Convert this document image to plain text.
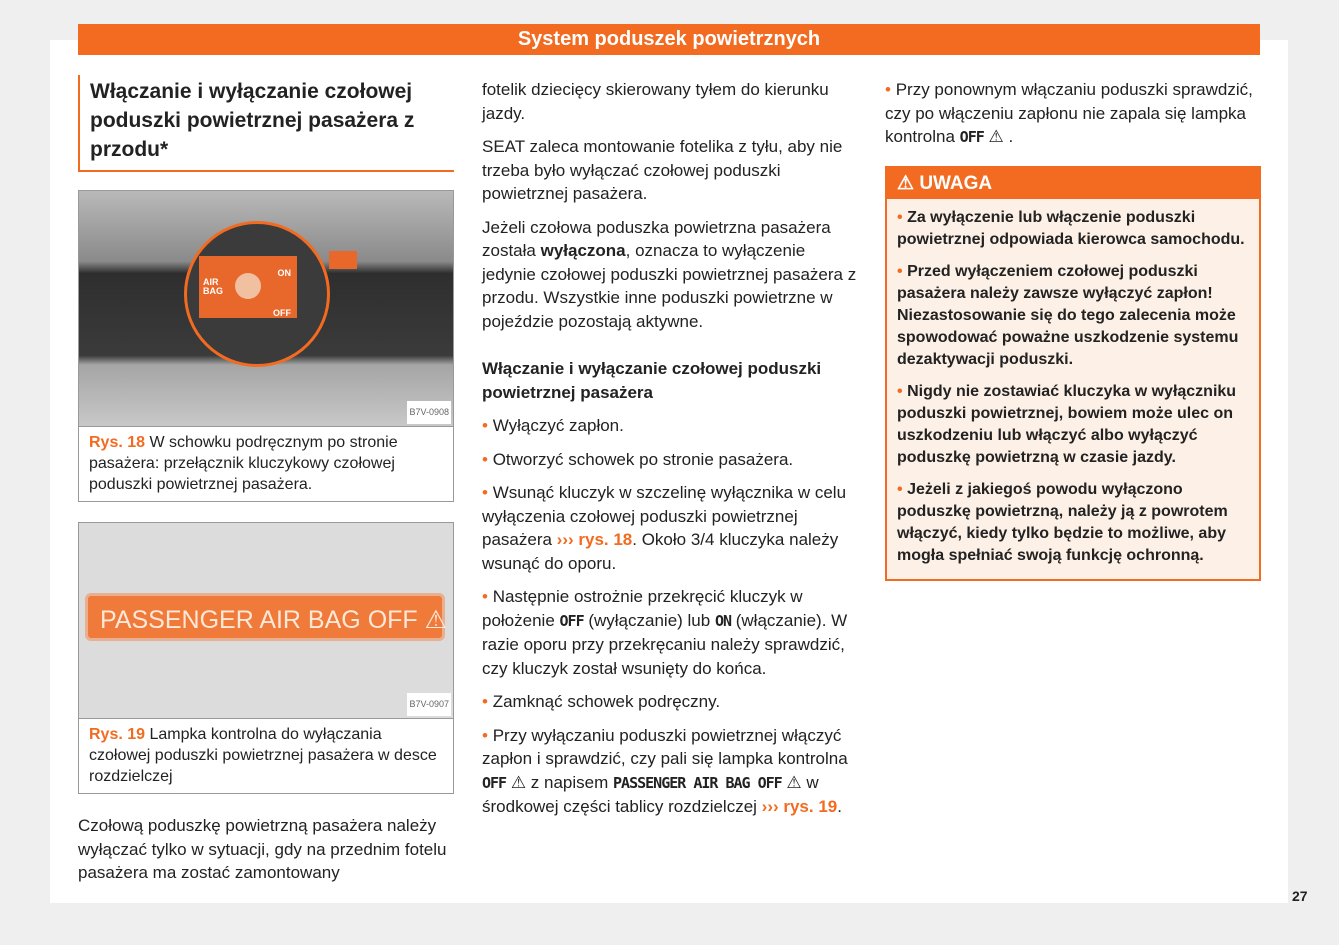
System poduszek powietrznych
Włączanie i wyłączanie czołowej poduszki powietrznej pasażera z przodu*
AIR BAG
ON
OFF
B7V-0908
Rys. 18 W schowku podręcznym po stronie pasażera: przełącznik kluczykowy czołowej poduszki powietrznej pasażera.
PASSENGER AIR BAG OFF ⚠
B7V-0907
Rys. 19 Lampka kontrolna do wyłączania czołowej poduszki powietrznej pasażera w desce rozdzielczej

Czołową poduszkę powietrzną pasażera należy wyłączać tylko w sytuacji, gdy na przednim fotelu pasażera ma zostać zamontowany

fotelik dziecięcy skierowany tyłem do kierunku jazdy.

SEAT zaleca montowanie fotelika z tyłu, aby nie trzeba było wyłączać czołowej poduszki powietrznej pasażera.

Jeżeli czołowa poduszka powietrzna pasażera została wyłączona, oznacza to wyłączenie jedynie czołowej poduszki powietrznej pasażera z przodu. Wszystkie inne poduszki powietrzne w pojeździe pozostają aktywne.

Włączanie i wyłączanie czołowej poduszki powietrznej pasażera

• Wyłączyć zapłon.

• Otworzyć schowek po stronie pasażera.

• Wsunąć kluczyk w szczelinę wyłącznika w celu wyłączenia czołowej poduszki powietrznej pasażera ››› rys. 18. Około 3/4 kluczyka należy wsunąć do oporu.

• Następnie ostrożnie przekręcić kluczyk w położenie OFF (wyłączanie) lub ON (włączanie). W razie oporu przy przekręcaniu należy sprawdzić, czy kluczyk został wsunięty do końca.

• Zamknąć schowek podręczny.

• Przy wyłączaniu poduszki powietrznej włączyć zapłon i sprawdzić, czy pali się lampka kontrolna OFF ⚠ z napisem PASSENGER AIR BAG OFF ⚠ w środkowej części tablicy rozdzielczej ››› rys. 19.

• Przy ponownym włączaniu poduszki sprawdzić, czy po włączeniu zapłonu nie zapala się lampka kontrolna OFF ⚠ .

⚠ UWAGA

• Za wyłączenie lub włączenie poduszki powietrznej odpowiada kierowca samochodu.

• Przed wyłączeniem czołowej poduszki pasażera należy zawsze wyłączyć zapłon! Niezastosowanie się do tego zalecenia może spowodować poważne uszkodzenie systemu dezaktywacji poduszki.

• Nigdy nie zostawiać kluczyka w wyłączniku poduszki powietrznej, bowiem może ulec on uszkodzeniu lub włączyć albo wyłączyć poduszkę powietrzną w czasie jazdy.

• Jeżeli z jakiegoś powodu wyłączono poduszkę powietrzną, należy ją z powrotem włączyć, kiedy tylko będzie to możliwe, aby mogła spełniać swoją funkcję ochronną.

27
